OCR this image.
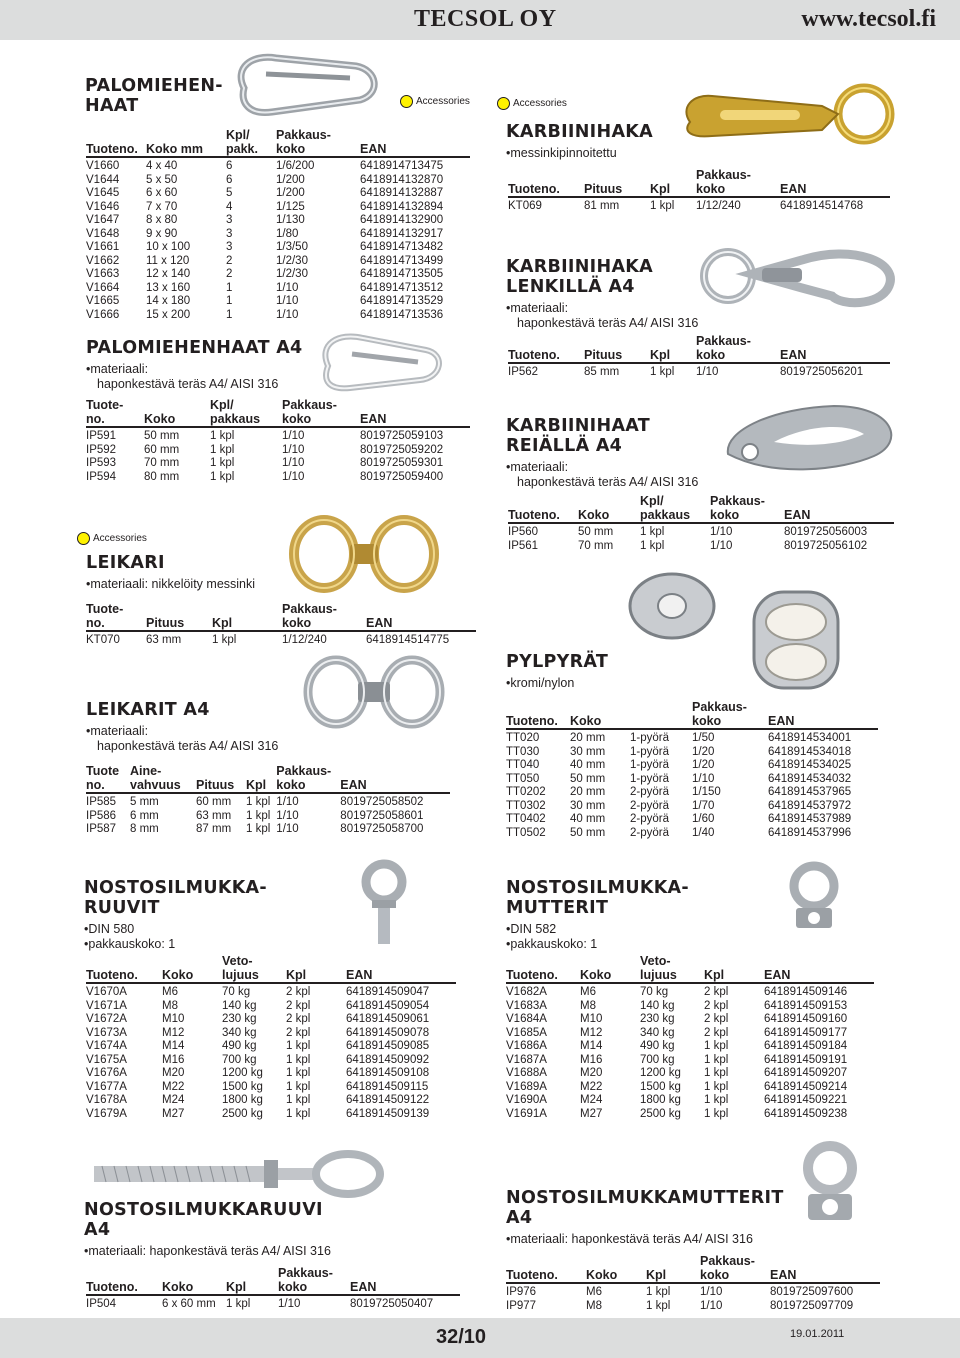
TECSOL OY	www.tecsol.fi
PALOMIEHEN-
HAAT
Tuoteno.	Koko mm	Kpl/
pakk.	Pakkaus-
koko	EAN
V1660	4 x 40	6	1/6/200	6418914713475
V1644	5 x 50	6	1/200	6418914132870
V1645	6 x 60	5	1/200	6418914132887
V1646	7 x 70	4	1/125	6418914132894
V1647	8 x 80	3	1/130	6418914132900
V1648	9 x 90	3	1/80	6418914132917
V1661	10 x 100	3	1/3/50	6418914713482
V1662	11 x 120	2	1/2/30	6418914713499
V1663	12 x 140	2	1/2/30	6418914713505
V1664	13 x 160	1	1/10	6418914713512
V1665	14 x 180	1	1/10	6418914713529
V1666	15 x 200	1	1/10	6418914713536
Accessories
PALOMIEHENHAAT A4
• materiaali:
haponkestävä teräs A4/ AISI 316
Tuote-
no.	Koko	Kpl/
pakkaus	Pakkaus-
koko	EAN
IP591	50 mm	1 kpl	1/10	8019725059103
IP592	60 mm	1 kpl	1/10	8019725059202
IP593	70 mm	1 kpl	1/10	8019725059301
IP594	80 mm	1 kpl	1/10	8019725059400
Accessories
LEIKARI
• materiaali: nikkelöity messinki
Tuote-
no.	Pituus	Kpl	Pakkaus-
koko	EAN
KT070	63 mm	1 kpl	1/12/240	6418914514775
LEIKARIT A4
• materiaali:
haponkestävä teräs A4/ AISI 316
Tuote
no.	Aine-
vahvuus	Pituus	Kpl	Pakkaus-
koko	EAN
IP585	5 mm	60 mm	1 kpl	1/10	8019725058502
IP586	6 mm	63 mm	1 kpl	1/10	8019725058601
IP587	8 mm	87 mm	1 kpl	1/10	8019725058700
Accessories
KARBIINIHAKA
• messinkipinnoitettu
Tuoteno.	Pituus	Kpl	Pakkaus-
koko	EAN
KT069	81 mm	1 kpl	1/12/240	6418914514768
KARBIINIHAKA
LENKILLÄ A4
• materiaali:
haponkestävä teräs A4/ AISI 316
Tuoteno.	Pituus	Kpl	Pakkaus-
koko	EAN
IP562	85 mm	1 kpl	1/10	8019725056201
KARBIINIHAAT
REIÄLLÄ A4
• materiaali:
haponkestävä teräs A4/ AISI 316
Tuoteno.	Koko	Kpl/
pakkaus	Pakkaus-
koko	EAN
IP560	50 mm	1 kpl	1/10	8019725056003
IP561	70 mm	1 kpl	1/10	8019725056102
PYLPYRÄT
• kromi/nylon
Tuoteno.	Koko		Pakkaus-
koko	EAN
TT020	20 mm	1-pyörä	1/50	6418914534001
TT030	30 mm	1-pyörä	1/20	6418914534018
TT040	40 mm	1-pyörä	1/20	6418914534025
TT050	50 mm	1-pyörä	1/10	6418914534032
TT0202	20 mm	2-pyörä	1/150	6418914537965
TT0302	30 mm	2-pyörä	1/70	6418914537972
TT0402	40 mm	2-pyörä	1/60	6418914537989
TT0502	50 mm	2-pyörä	1/40	6418914537996
NOSTOSILMUKKA-
RUUVIT
• DIN 580
• pakkauskoko: 1
Tuoteno.	Koko	Veto-
lujuus	Kpl	EAN
V1670A	M6	70 kg	2 kpl	6418914509047
V1671A	M8	140 kg	2 kpl	6418914509054
V1672A	M10	230 kg	2 kpl	6418914509061
V1673A	M12	340 kg	2 kpl	6418914509078
V1674A	M14	490 kg	1 kpl	6418914509085
V1675A	M16	700 kg	1 kpl	6418914509092
V1676A	M20	1200 kg	1 kpl	6418914509108
V1677A	M22	1500 kg	1 kpl	6418914509115
V1678A	M24	1800 kg	1 kpl	6418914509122
V1679A	M27	2500 kg	1 kpl	6418914509139
NOSTOSILMUKKA-
MUTTERIT
• DIN 582
• pakkauskoko: 1
Tuoteno.	Koko	Veto-
lujuus	Kpl	EAN
V1682A	M6	70 kg	2 kpl	6418914509146
V1683A	M8	140 kg	2 kpl	6418914509153
V1684A	M10	230 kg	2 kpl	6418914509160
V1685A	M12	340 kg	2 kpl	6418914509177
V1686A	M14	490 kg	1 kpl	6418914509184
V1687A	M16	700 kg	1 kpl	6418914509191
V1688A	M20	1200 kg	1 kpl	6418914509207
V1689A	M22	1500 kg	1 kpl	6418914509214
V1690A	M24	1800 kg	1 kpl	6418914509221
V1691A	M27	2500 kg	1 kpl	6418914509238
NOSTOSILMUKKARUUVI
A4
• materiaali: haponkestävä teräs A4/ AISI 316
Tuoteno.	Koko	Kpl	Pakkaus-
koko	EAN
IP504	6 x 60 mm	1 kpl	1/10	8019725050407
NOSTOSILMUKKAMUTTERIT
A4
• materiaali: haponkestävä teräs A4/ AISI 316
Tuoteno.	Koko	Kpl	Pakkaus-
koko	EAN
IP976	M6	1 kpl	1/10	8019725097600
IP977	M8	1 kpl	1/10	8019725097709
32/10	19.01.2011
